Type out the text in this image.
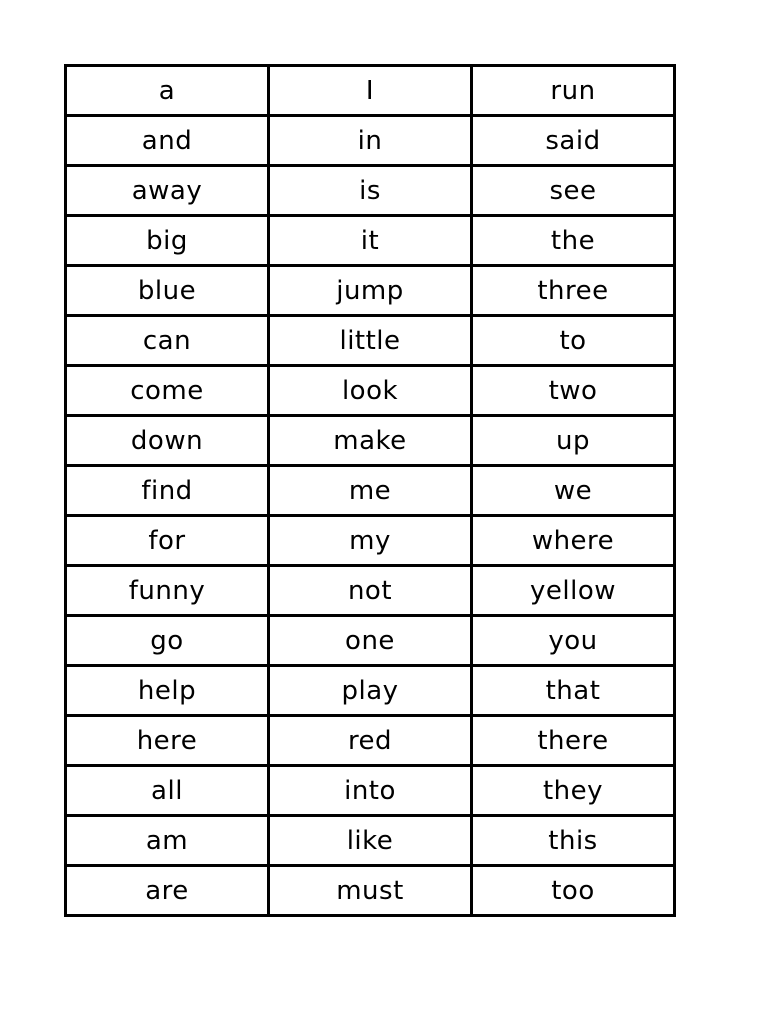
a	I	run
and	in	said
away	is	see
big	it	the
blue	jump	three
can	little	to
come	look	two
down	make	up
find	me	we
for	my	where
funny	not	yellow
go	one	you
help	play	that
here	red	there
all	into	they
am	like	this
are	must	too
